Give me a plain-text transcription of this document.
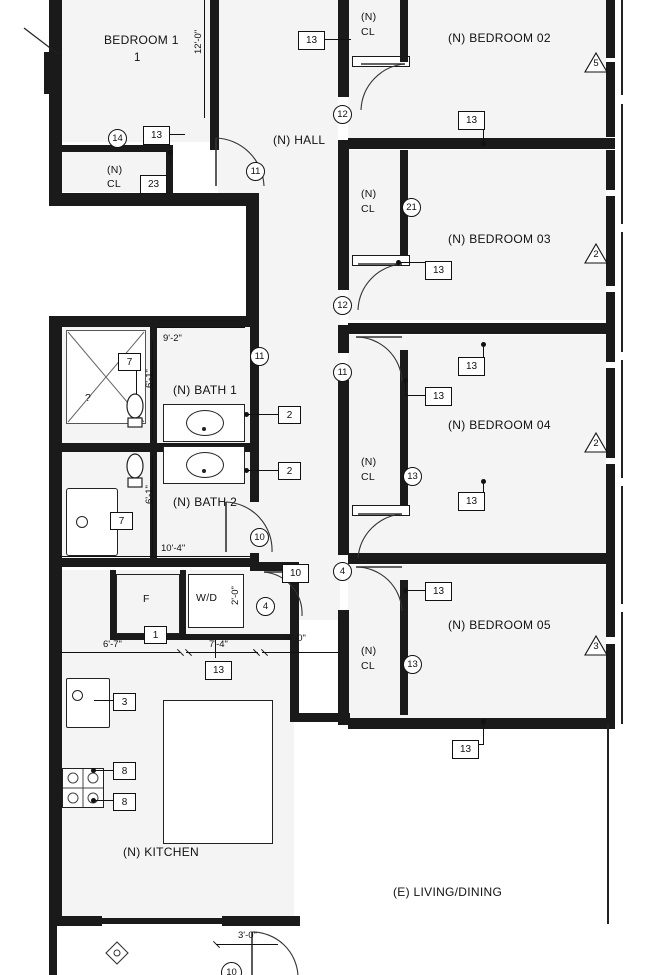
F	W/D
10
BEDROOM 1
1
(N) BEDROOM 02
(N) BEDROOM 03
(N) BEDROOM 04
(N) BEDROOM 05
(N) HALL
(N) BATH 1
(N) BATH 2
(N) KITCHEN
(E) LIVING/DINING
(N)
CL
(N)
CL
(N)
CL
(N)
CL
(N)
CL
?
12'-0"
9'-2"
6'-1"
6'-1"
10'-4"
2'-0"
6'-7"	7'-4"
4'-0"
3'-0"
13
13
13
23
13
7
2
13
13
2
7
13
10
1
13
13
3
8
8
13
14
11
12
21
12
11
11
13
10
4
4
13
5
2
2
3
